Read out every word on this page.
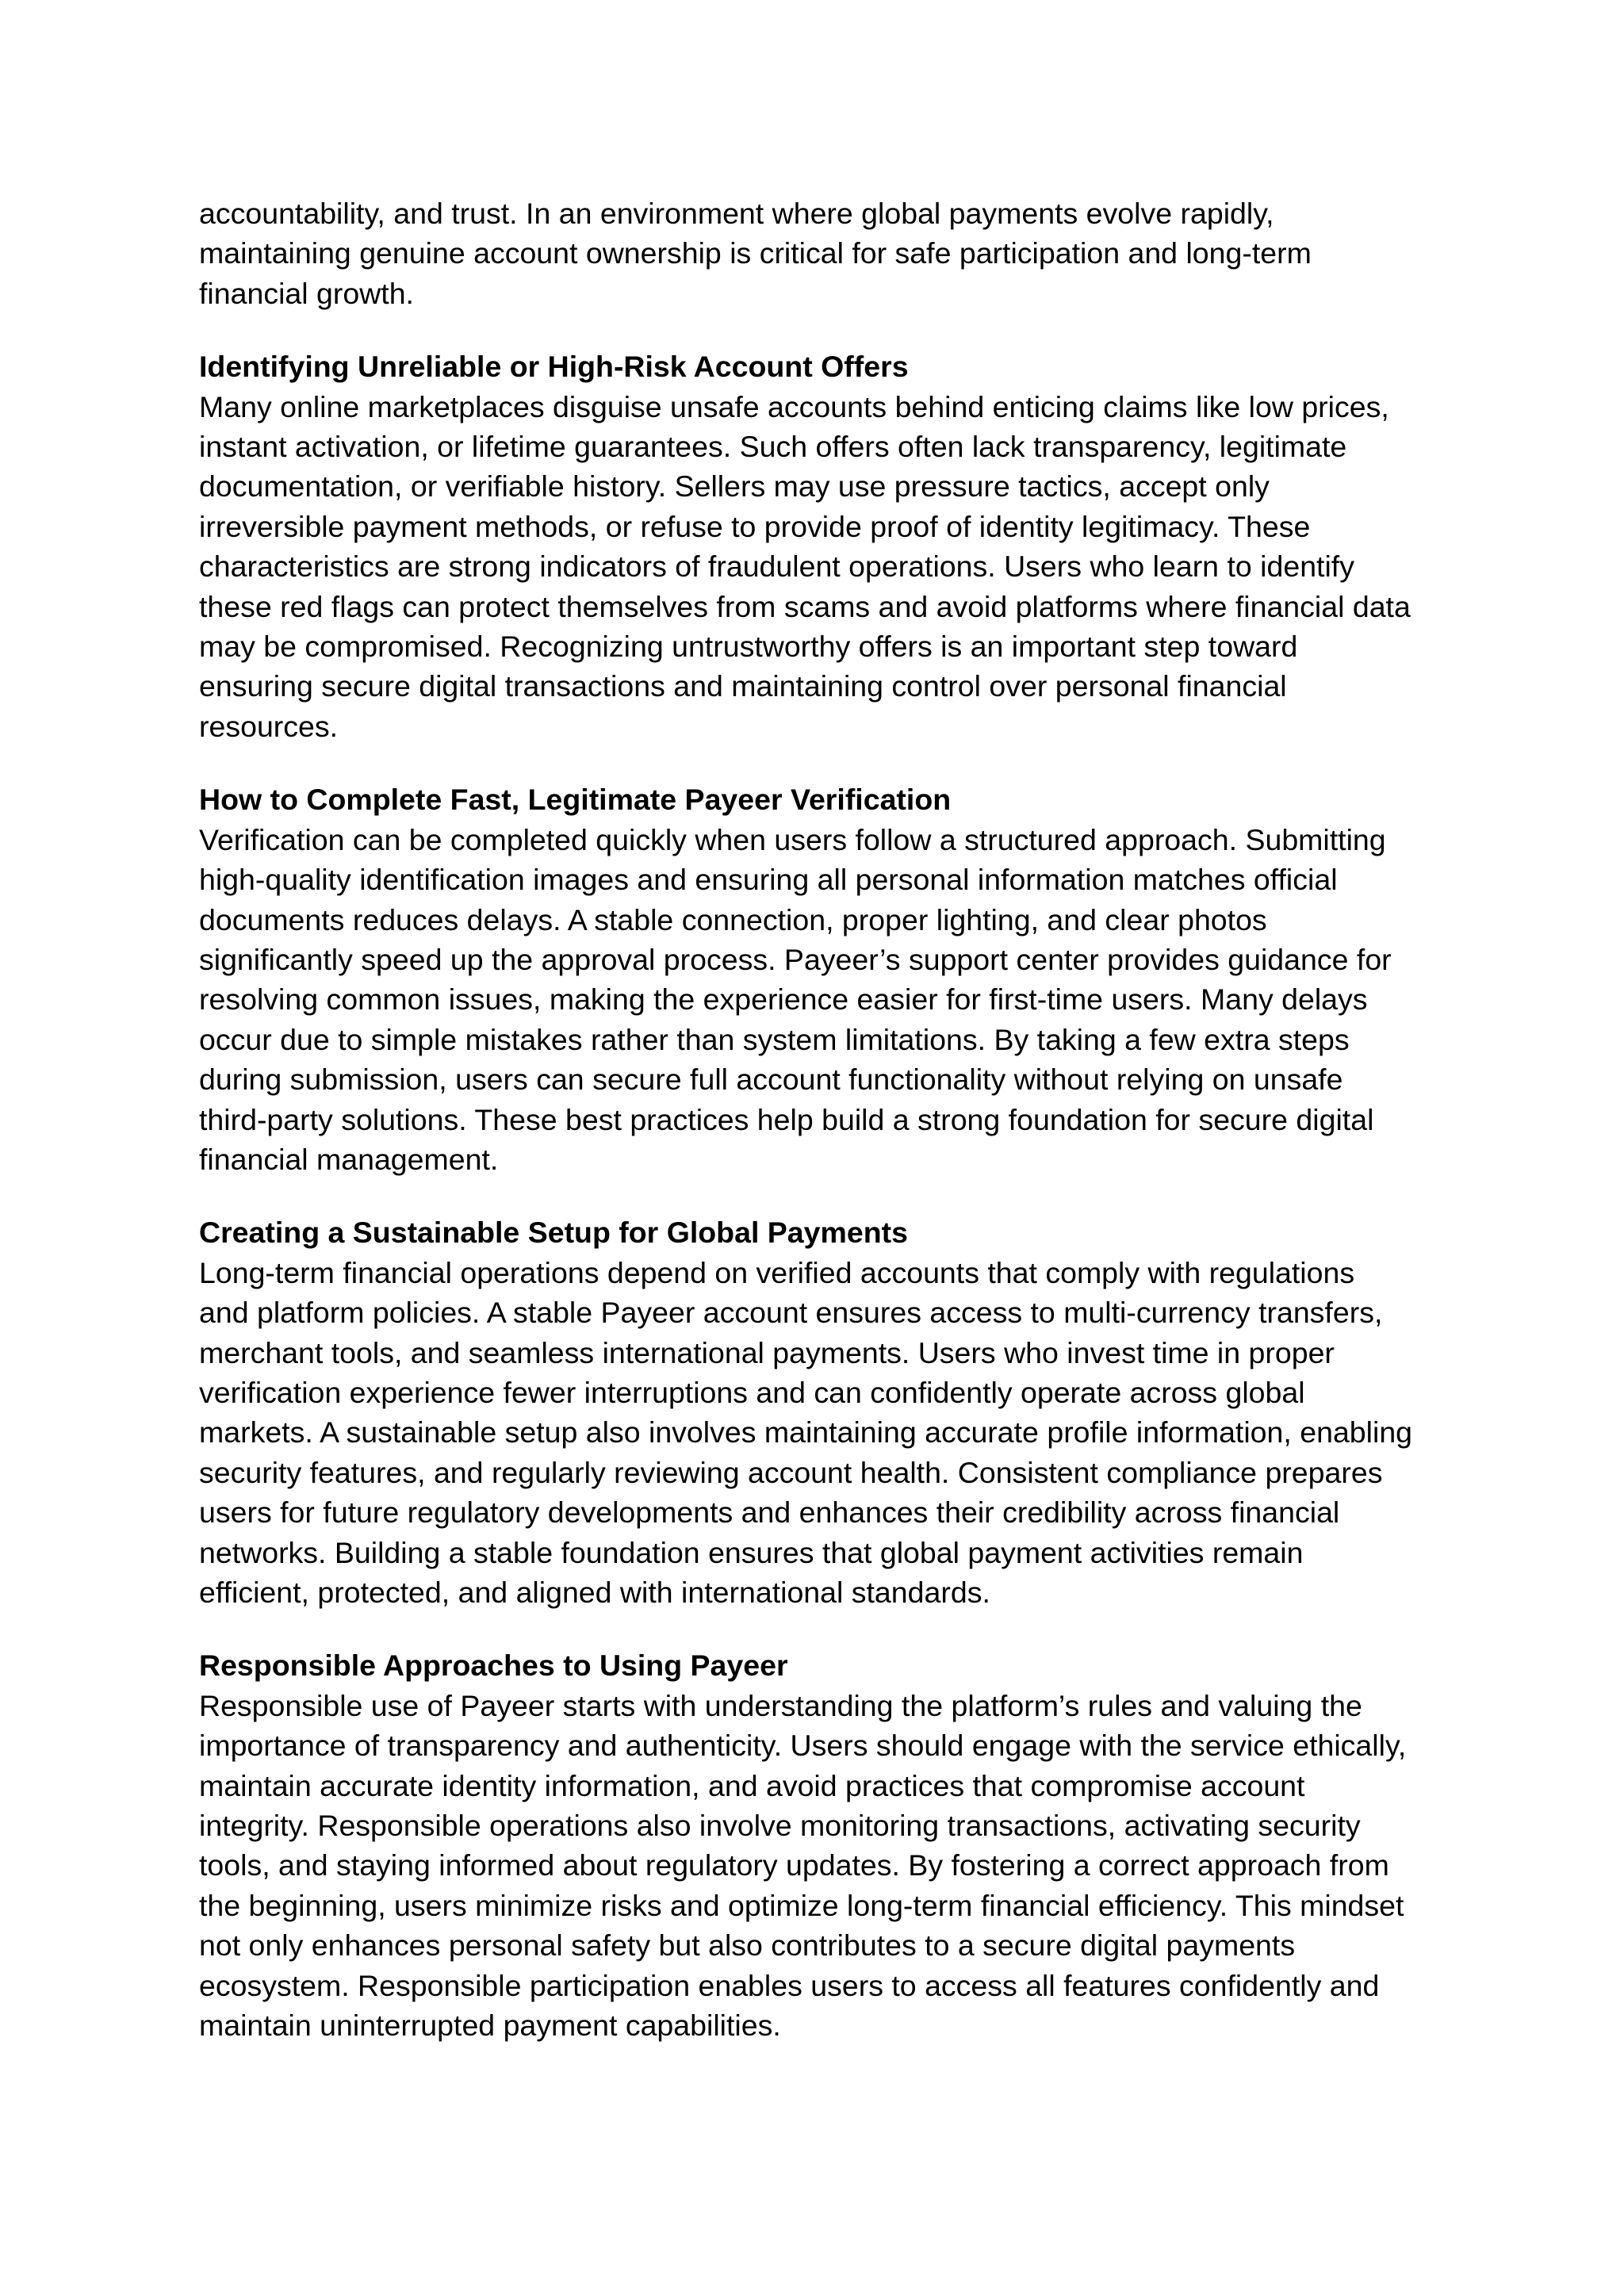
accountability, and trust. In an environment where global payments evolve rapidly,
maintaining genuine account ownership is critical for safe participation and long-term
financial growth.

Identifying Unreliable or High-Risk Account Offers

Many online marketplaces disguise unsafe accounts behind enticing claims like low prices,
instant activation, or lifetime guarantees. Such offers often lack transparency, legitimate
documentation, or verifiable history. Sellers may use pressure tactics, accept only
irreversible payment methods, or refuse to provide proof of identity legitimacy. These
characteristics are strong indicators of fraudulent operations. Users who learn to identify
these red flags can protect themselves from scams and avoid platforms where financial data
may be compromised. Recognizing untrustworthy offers is an important step toward
ensuring secure digital transactions and maintaining control over personal financial
resources.

How to Complete Fast, Legitimate Payeer Verification

Verification can be completed quickly when users follow a structured approach. Submitting
high-quality identification images and ensuring all personal information matches official
documents reduces delays. A stable connection, proper lighting, and clear photos
significantly speed up the approval process. Payeer’s support center provides guidance for
resolving common issues, making the experience easier for first-time users. Many delays
occur due to simple mistakes rather than system limitations. By taking a few extra steps
during submission, users can secure full account functionality without relying on unsafe
third-party solutions. These best practices help build a strong foundation for secure digital
financial management.

Creating a Sustainable Setup for Global Payments

Long-term financial operations depend on verified accounts that comply with regulations
and platform policies. A stable Payeer account ensures access to multi-currency transfers,
merchant tools, and seamless international payments. Users who invest time in proper
verification experience fewer interruptions and can confidently operate across global
markets. A sustainable setup also involves maintaining accurate profile information, enabling
security features, and regularly reviewing account health. Consistent compliance prepares
users for future regulatory developments and enhances their credibility across financial
networks. Building a stable foundation ensures that global payment activities remain
efficient, protected, and aligned with international standards.

Responsible Approaches to Using Payeer

Responsible use of Payeer starts with understanding the platform’s rules and valuing the
importance of transparency and authenticity. Users should engage with the service ethically,
maintain accurate identity information, and avoid practices that compromise account
integrity. Responsible operations also involve monitoring transactions, activating security
tools, and staying informed about regulatory updates. By fostering a correct approach from
the beginning, users minimize risks and optimize long-term financial efficiency. This mindset
not only enhances personal safety but also contributes to a secure digital payments
ecosystem. Responsible participation enables users to access all features confidently and
maintain uninterrupted payment capabilities.
